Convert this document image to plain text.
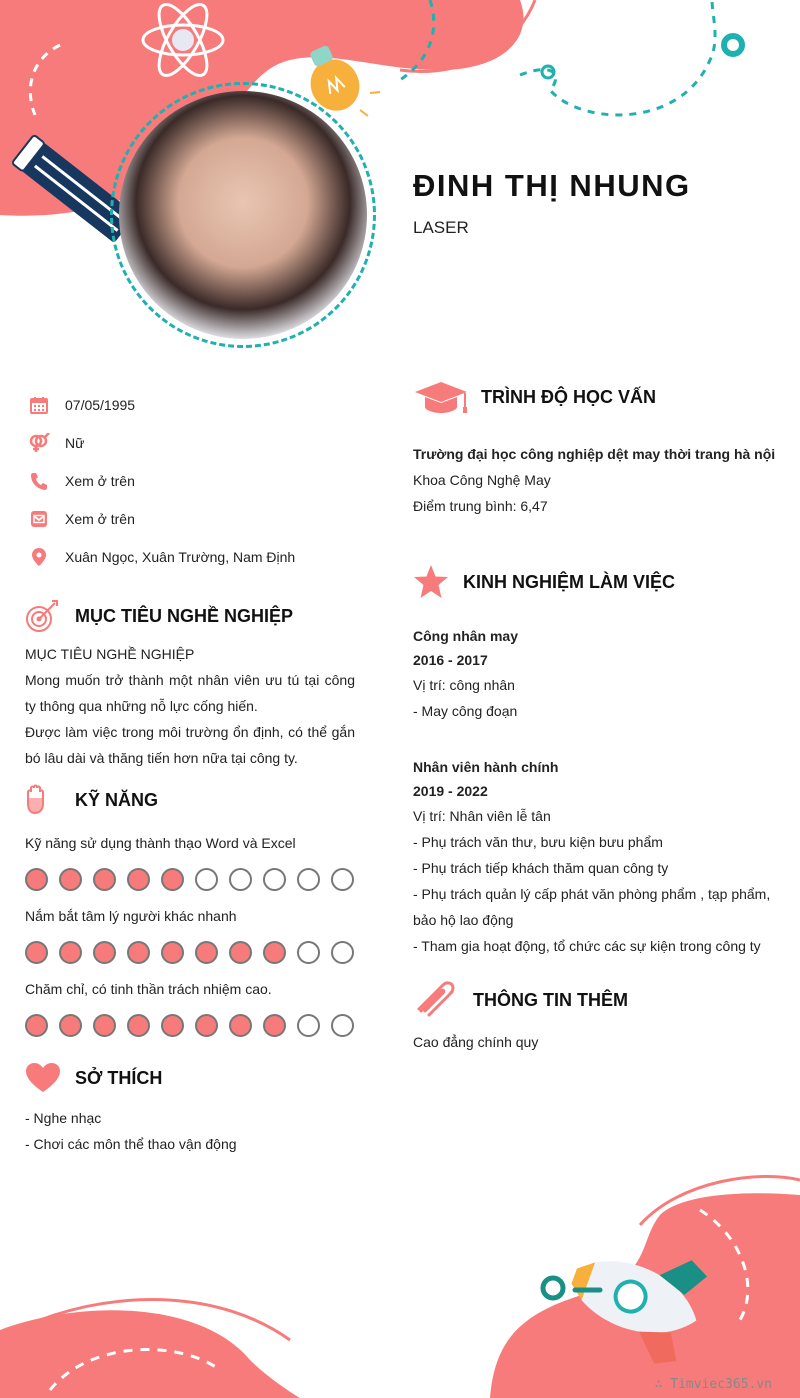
ĐINH THỊ NHUNG
LASER
07/05/1995
Nữ
Xem ở trên
Xem ở trên
Xuân Ngọc, Xuân Trường, Nam Định
MỤC TIÊU NGHỀ NGHIỆP
MỤC TIÊU NGHỀ NGHIỆP
Mong muốn trở thành một nhân viên ưu tú tại công ty thông qua những nỗ lực cống hiến.
Được làm việc trong môi trường ổn định, có thể gắn bó lâu dài và thăng tiến hơn nữa tại công ty.
KỸ NĂNG
Kỹ năng sử dụng thành thạo Word và Excel
Nắm bắt tâm lý người khác nhanh
Chăm chỉ, có tinh thần trách nhiệm cao.
SỞ THÍCH
- Nghe nhạc
- Chơi các môn thể thao vận động
TRÌNH ĐỘ HỌC VẤN
Trường đại học công nghiệp dệt may thời trang hà nội
Khoa Công Nghệ May
Điểm trung bình: 6,47
KINH NGHIỆM LÀM VIỆC
Công nhân may
2016 - 2017
Vị trí: công nhân
- May công đoạn
Nhân viên hành chính
2019 - 2022
Vị trí: Nhân viên lễ tân
- Phụ trách văn thư, bưu kiện bưu phẩm
- Phụ trách tiếp khách thăm quan công ty
- Phụ trách quản lý cấp phát văn phòng phẩm , tạp phẩm, bảo hộ lao động
- Tham gia hoạt động, tổ chức các sự kiện trong công ty
THÔNG TIN THÊM
Cao đẳng chính quy
∴ Timviec365.vn
